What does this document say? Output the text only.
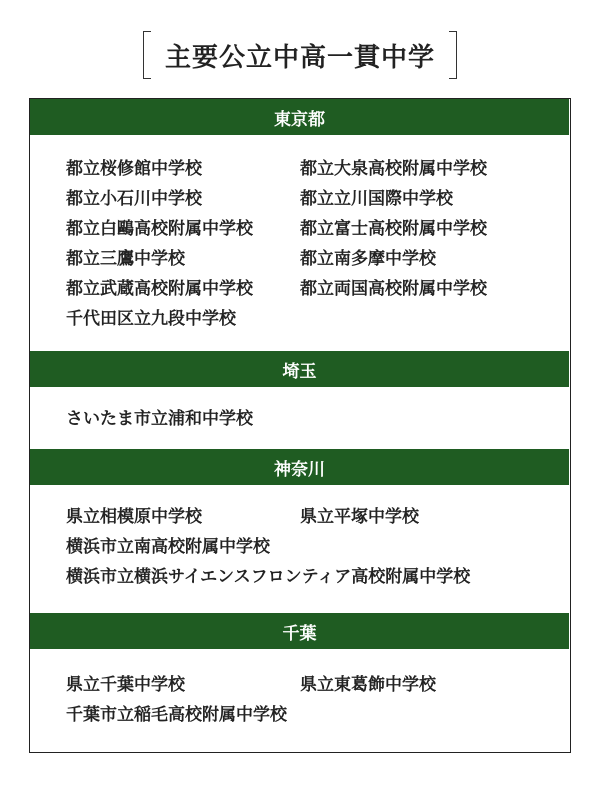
主要公立中高一貫中学
東京都
都立桜修館中学校
都立小石川中学校
都立白鷗高校附属中学校
都立三鷹中学校
都立武蔵高校附属中学校
千代田区立九段中学校
都立大泉高校附属中学校
都立立川国際中学校
都立富士高校附属中学校
都立南多摩中学校
都立両国高校附属中学校
埼玉
さいたま市立浦和中学校
神奈川
県立相模原中学校
横浜市立南高校附属中学校
横浜市立横浜サイエンスフロンティア高校附属中学校
県立平塚中学校
千葉
県立千葉中学校
千葉市立稲毛高校附属中学校
県立東葛飾中学校
